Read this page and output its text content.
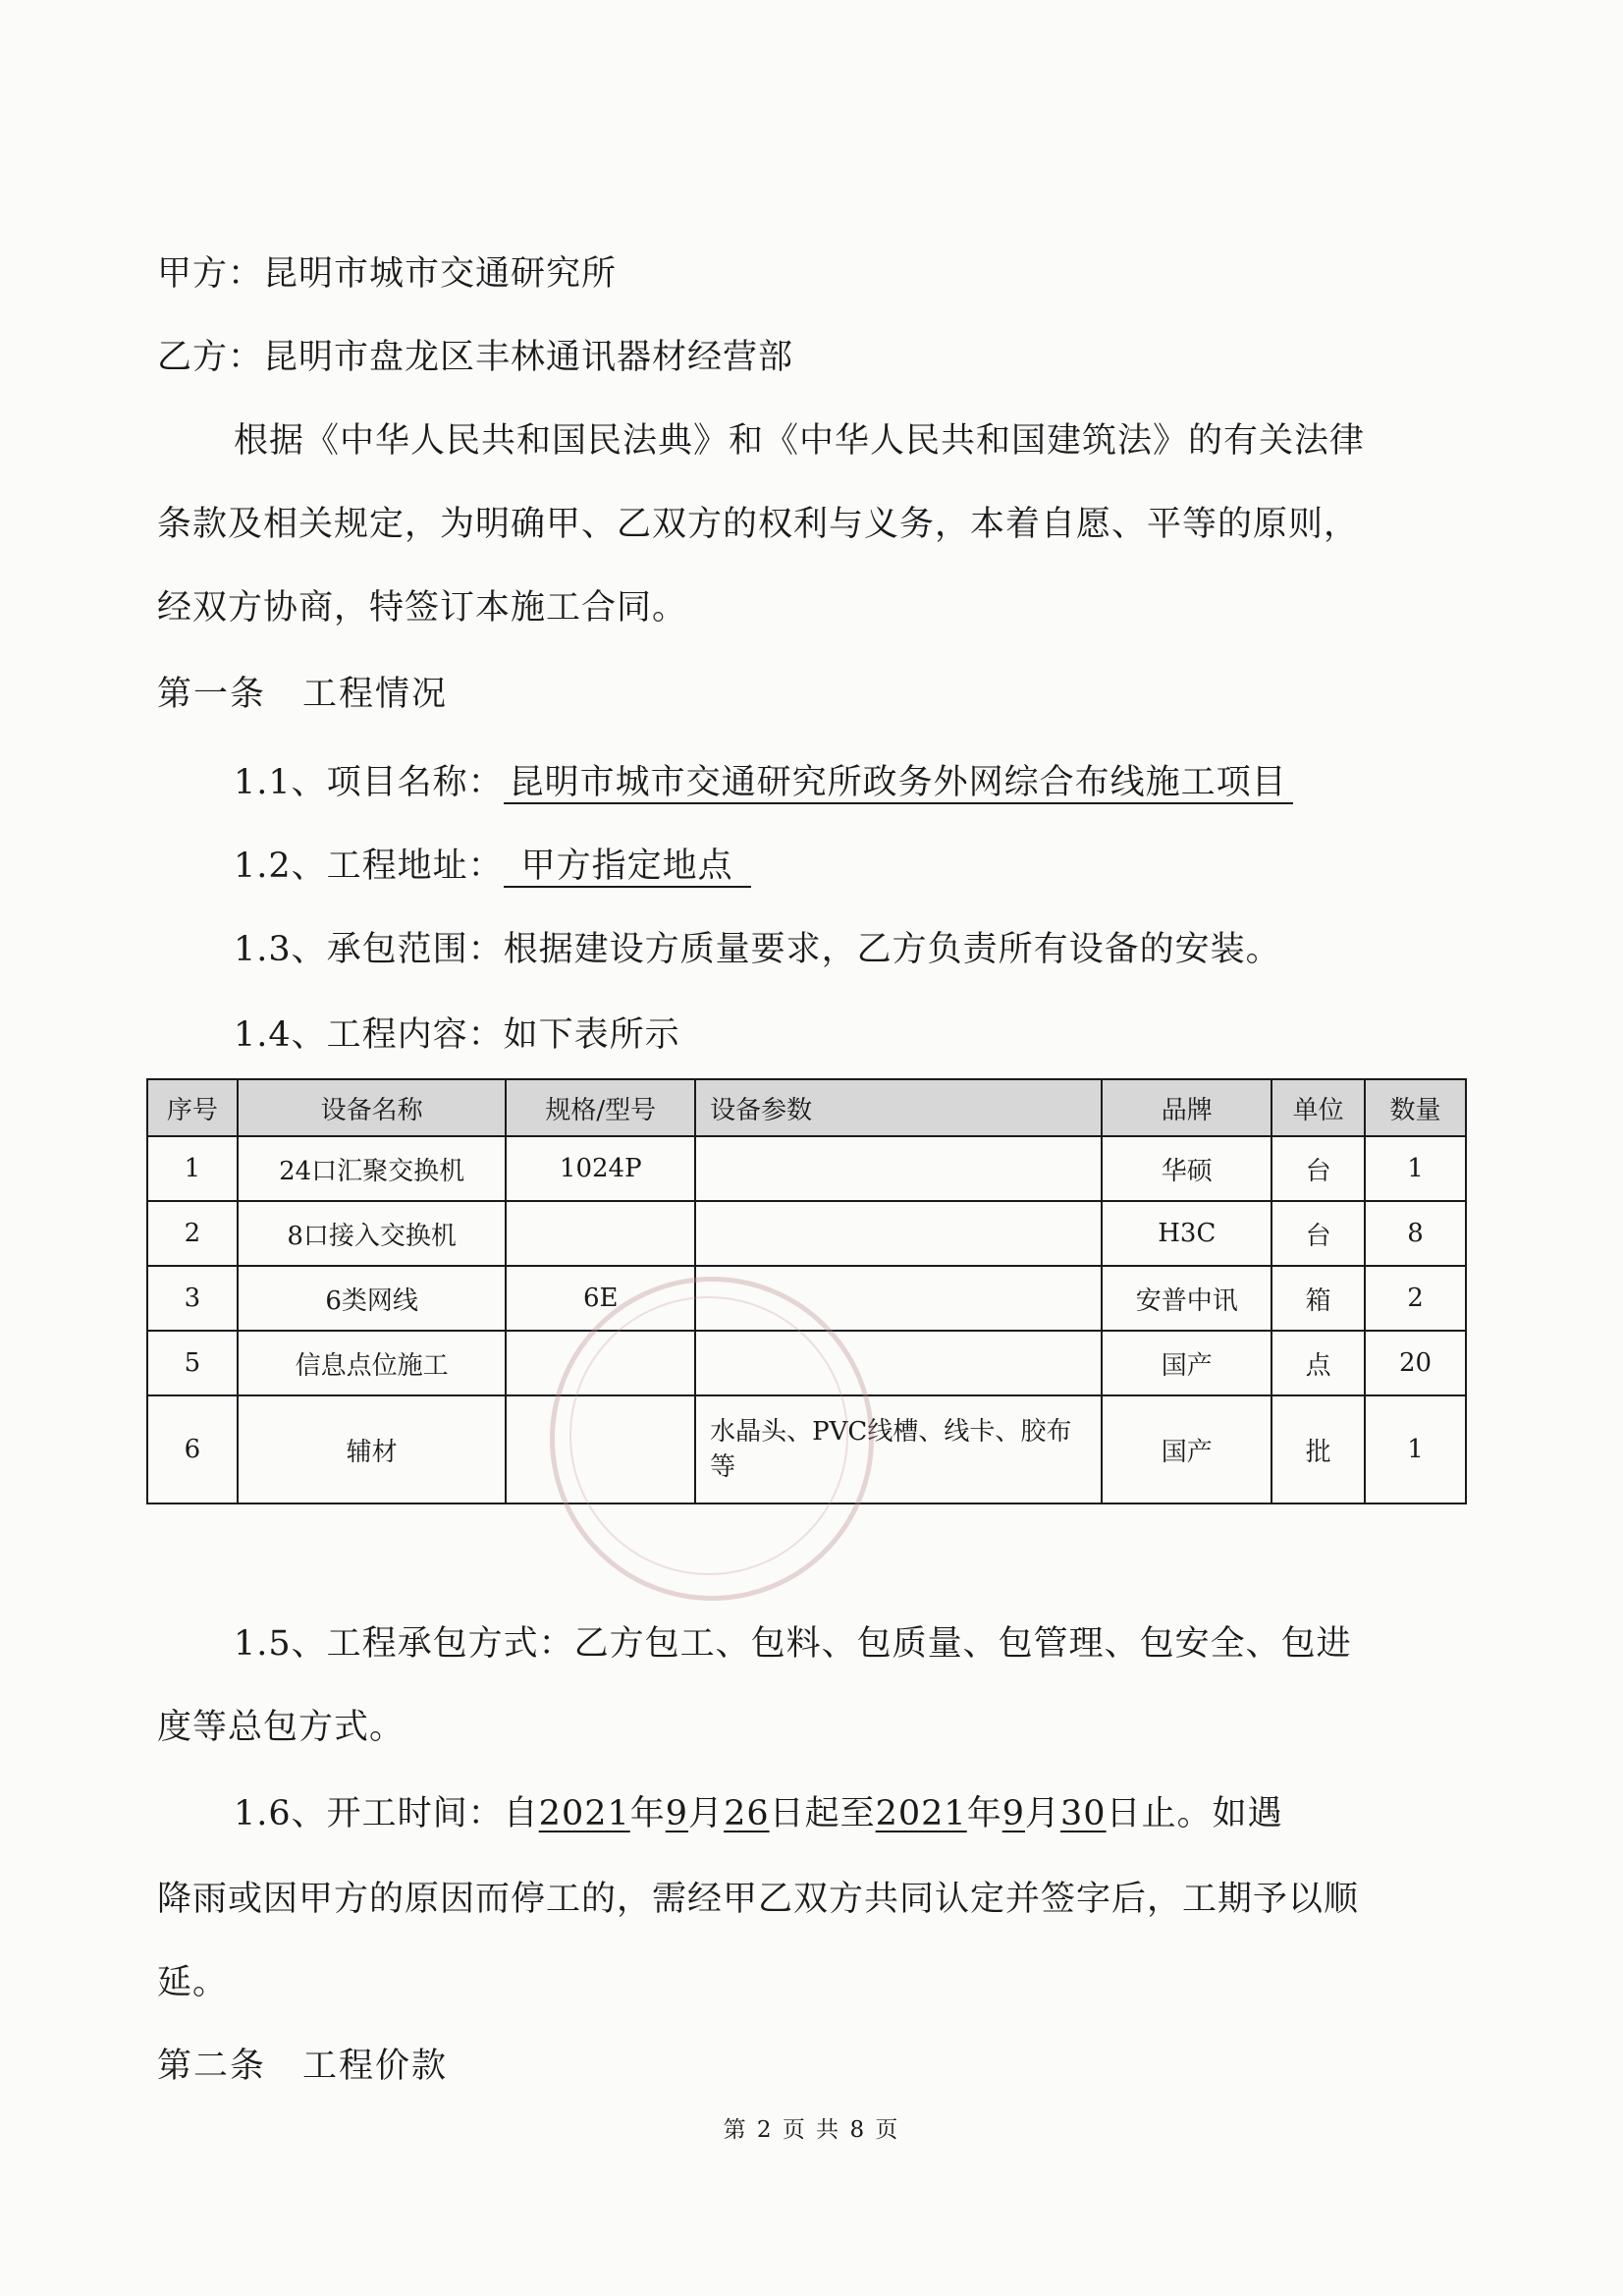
甲方：昆明市城市交通研究所
乙方：昆明市盘龙区丰林通讯器材经营部
根据《中华人民共和国民法典》和《中华人民共和国建筑法》的有关法律
条款及相关规定，为明确甲、乙双方的权利与义务，本着自愿、平等的原则，
经双方协商，特签订本施工合同。
第一条　工程情况
1.1、项目名称： 昆明市城市交通研究所政务外网综合布线施工项目
1.2、工程地址： 甲方指定地点
1.3、承包范围：根据建设方质量要求，乙方负责所有设备的安装。
1.4、工程内容：如下表所示
序号	设备名称	规格/型号	设备参数	品牌	单位	数量
1	24口汇聚交换机	1024P		华硕	台	1
2	8口接入交换机			H3C	台	8
3	6类网线	6E		安普中讯	箱	2
5	信息点位施工			国产	点	20
6	辅材		水晶头、PVC线槽、线卡、胶布等	国产	批	1
1.5、工程承包方式：乙方包工、包料、包质量、包管理、包安全、包进
度等总包方式。
1.6、开工时间：自2021年9月26日起至2021年9月30日止。如遇
降雨或因甲方的原因而停工的，需经甲乙双方共同认定并签字后，工期予以顺
延。
第二条　工程价款
第 2 页 共 8 页
